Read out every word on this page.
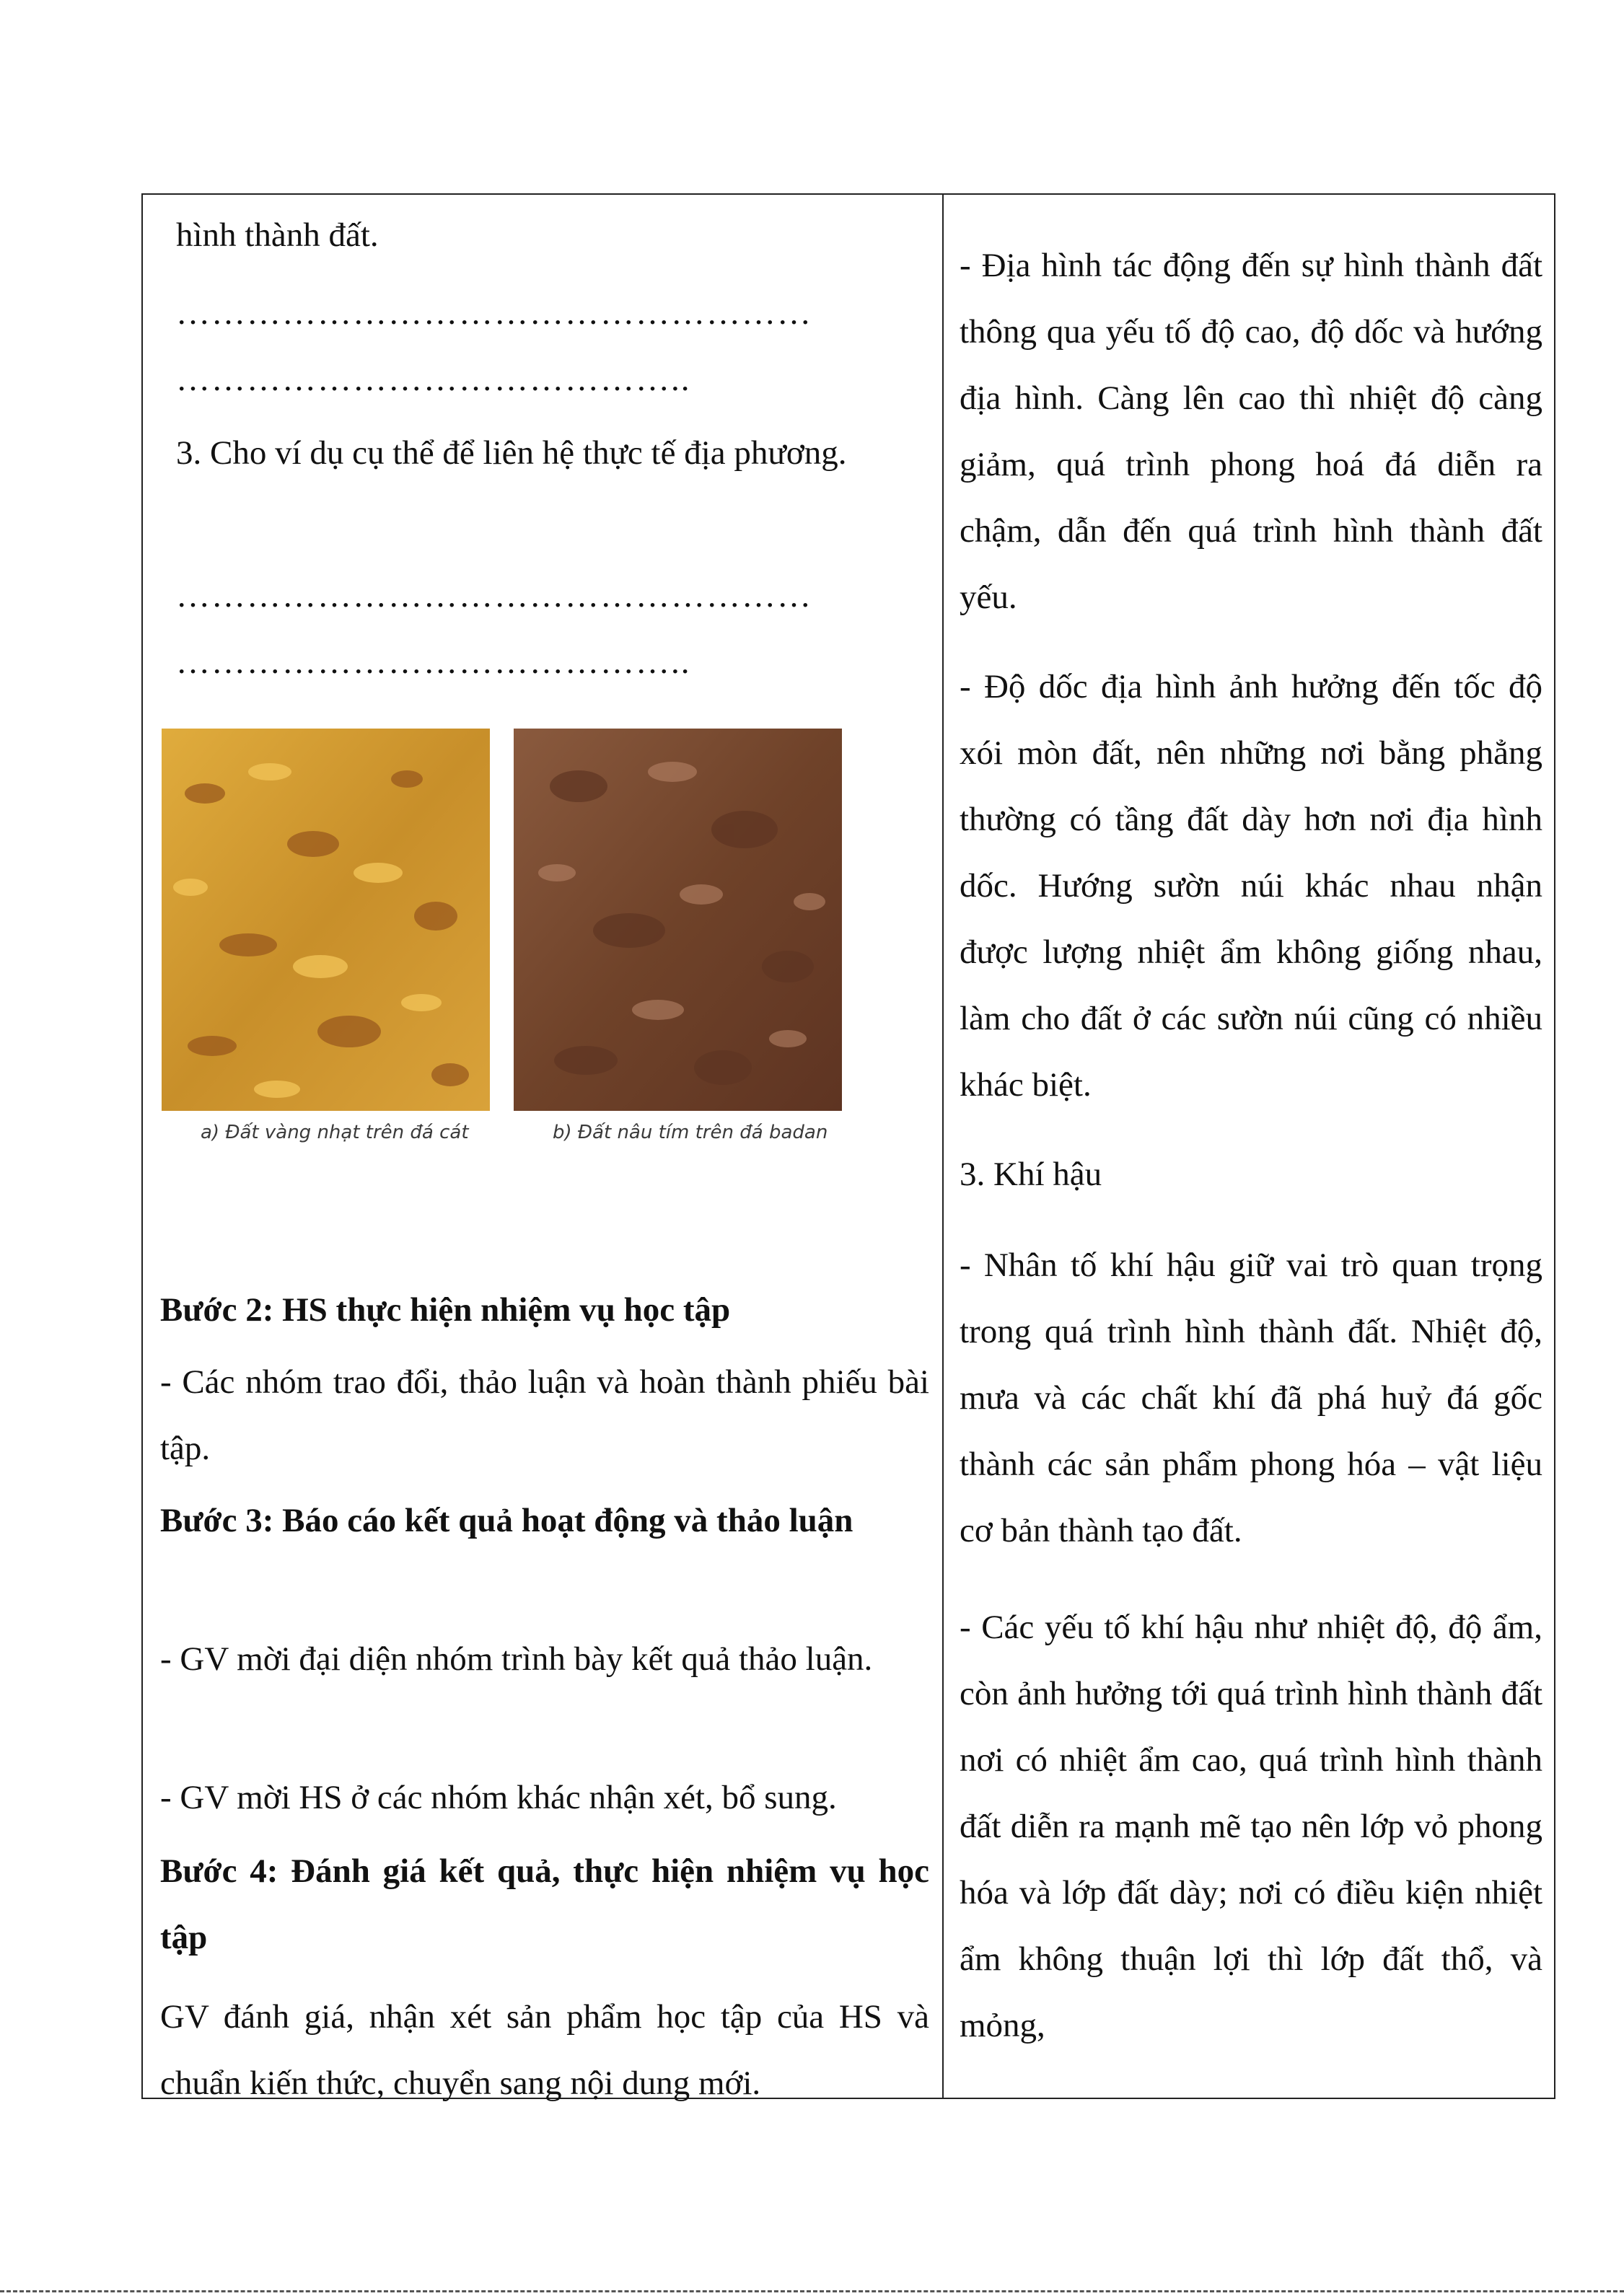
hình thành đất.

………………………………………………
……………………………………..

3. Cho ví dụ cụ thể để liên hệ thực tế địa phương.

………………………………………………
……………………………………..
a) Đất vàng nhạt trên đá cát	b) Đất nâu tím trên đá badan

Bước 2: HS thực hiện nhiệm vụ học tập

- Các nhóm trao đổi, thảo luận và hoàn thành phiếu bài tập.

Bước 3: Báo cáo kết quả hoạt động và thảo luận

- GV mời đại diện nhóm trình bày kết quả thảo luận.

- GV mời HS ở các nhóm khác nhận xét, bổ sung.

Bước 4: Đánh giá kết quả, thực hiện nhiệm vụ học tập

GV đánh giá, nhận xét sản phẩm học tập của HS và chuẩn kiến thức, chuyển sang nội dung mới.

- Địa hình tác động đến sự hình thành đất thông qua yếu tố độ cao, độ dốc và hướng địa hình. Càng lên cao thì nhiệt độ càng giảm, quá trình phong hoá đá diễn ra chậm, dẫn đến quá trình hình thành đất yếu.

- Độ dốc địa hình ảnh hưởng đến tốc độ xói mòn đất, nên những nơi bằng phẳng thường có tầng đất dày hơn nơi địa hình dốc. Hướng sườn núi khác nhau nhận được lượng nhiệt ẩm không giống nhau, làm cho đất ở các sườn núi cũng có nhiều khác biệt.

3. Khí hậu

- Nhân tố khí hậu giữ vai trò quan trọng trong quá trình hình thành đất. Nhiệt độ, mưa và các chất khí đã phá huỷ đá gốc thành các sản phẩm phong hóa – vật liệu cơ bản thành tạo đất.

- Các yếu tố khí hậu như nhiệt độ, độ ẩm, còn ảnh hưởng tới quá trình hình thành đất nơi có nhiệt ẩm cao, quá trình hình thành đất diễn ra mạnh mẽ tạo nên lớp vỏ phong hóa và lớp đất dày; nơi có điều kiện nhiệt ẩm không thuận lợi thì lớp đất thổ, và mỏng,
